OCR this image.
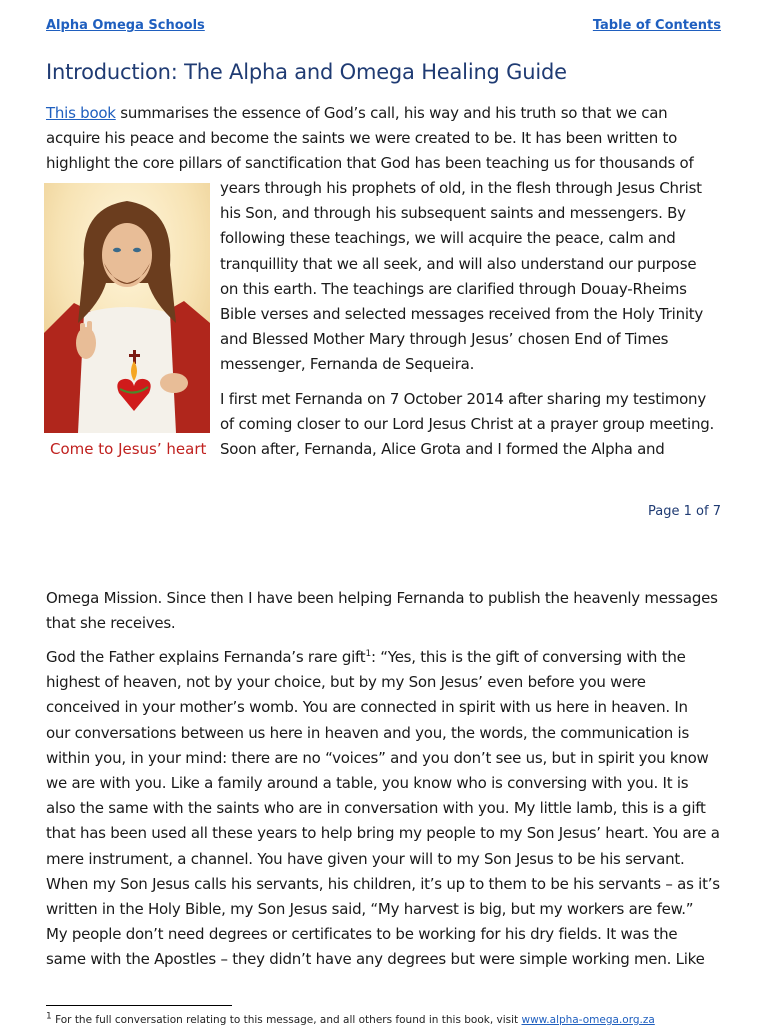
Alpha Omega Schools	Table of Contents
Introduction: The Alpha and Omega Healing Guide

This book summarises the essence of God’s call, his way and his truth so that we can
acquire his peace and become the saints we were created to be. It has been written to
highlight the core pillars of sanctification that God has been teaching us for thousands of

years through his prophets of old, in the flesh through Jesus Christ
his Son, and through his subsequent saints and messengers. By
following these teachings, we will acquire the peace, calm and
tranquillity that we all seek, and will also understand our purpose
on this earth. The teachings are clarified through Douay-Rheims
Bible verses and selected messages received from the Holy Trinity
and Blessed Mother Mary through Jesus’ chosen End of Times
messenger, Fernanda de Sequeira.

I first met Fernanda on 7 October 2014 after sharing my testimony
of coming closer to our Lord Jesus Christ at a prayer group meeting.
Soon after, Fernanda, Alice Grota and I formed the Alpha and

Come to Jesus’ heart
Page 1 of 7

Omega Mission. Since then I have been helping Fernanda to publish the heavenly messages
that she receives.

God the Father explains Fernanda’s rare gift$^1$: “Yes, this is the gift of conversing with the
highest of heaven, not by your choice, but by my Son Jesus’ even before you were
conceived in your mother’s womb. You are connected in spirit with us here in heaven. In
our conversations between us here in heaven and you, the words, the communication is
within you, in your mind: there are no “voices” and you don’t see us, but in spirit you know
we are with you. Like a family around a table, you know who is conversing with you. It is
also the same with the saints who are in conversation with you. My little lamb, this is a gift
that has been used all these years to help bring my people to my Son Jesus’ heart. You are a
mere instrument, a channel. You have given your will to my Son Jesus to be his servant.
When my Son Jesus calls his servants, his children, it’s up to them to be his servants – as it’s
written in the Holy Bible, my Son Jesus said, “My harvest is big, but my workers are few.”
My people don’t need degrees or certificates to be working for his dry fields. It was the
same with the Apostles – they didn’t have any degrees but were simple working men. Like

$^1$ For the full conversation relating to this message, and all others found in this book, visit www.alpha-omega.org.za
